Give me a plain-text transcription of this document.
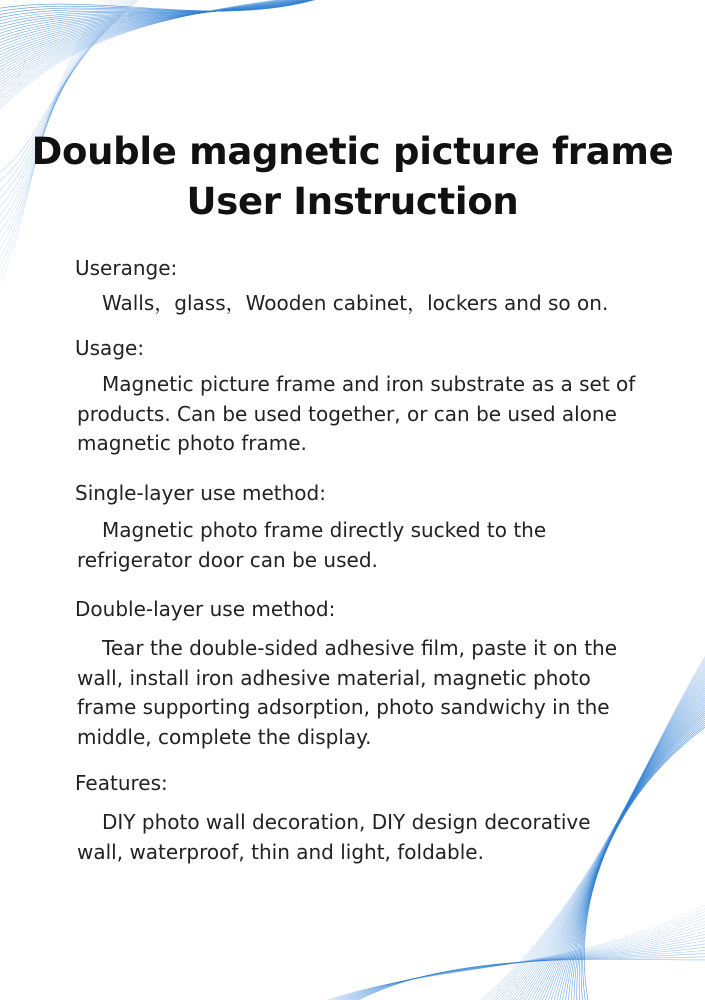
Double magnetic picture frame
User Instruction
Userange:
Walls，glass，Wooden cabinet，lockers and so on.
Usage:
Magnetic picture frame and iron substrate as a set of products. Can be used together, or can be used alone magnetic photo frame.
Single-layer use method:
Magnetic photo frame directly sucked to the refrigerator door can be used.
Double-layer use method:
Tear the double-sided adhesive film, paste it on the wall, install iron adhesive material, magnetic photo frame supporting adsorption, photo sandwichy in the middle, complete the display.
Features:
DIY photo wall decoration, DIY design decorative wall, waterproof, thin and light, foldable.
